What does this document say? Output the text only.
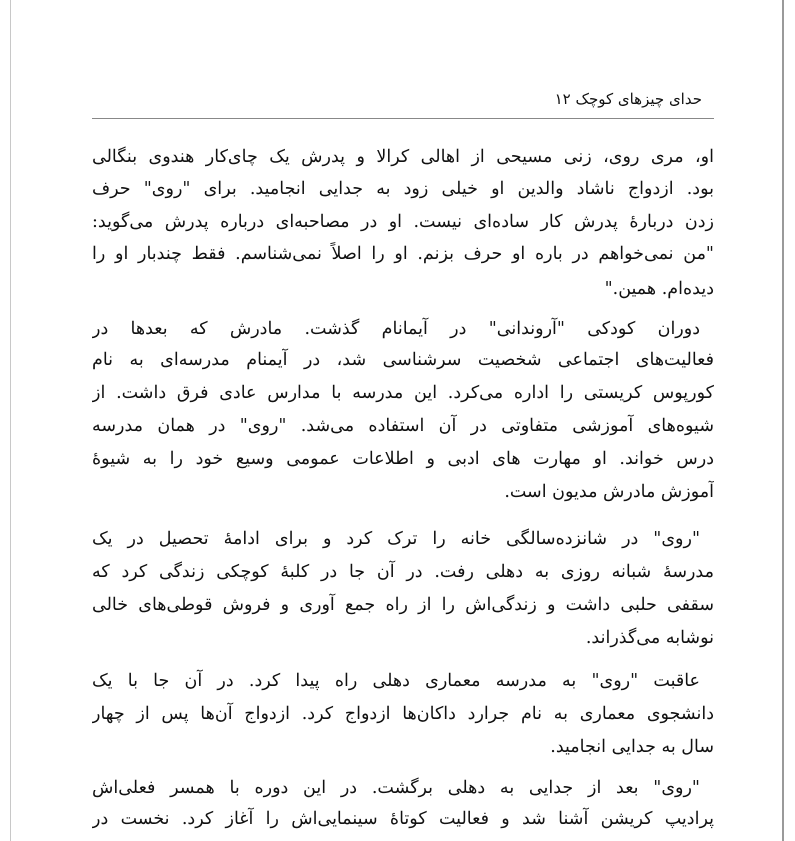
حدای چیزهای کوچک ۱۲
او، مری روی، زنی مسیحی از اهالی کرالا و پدرش یک چای‌کار هندوی بنگالی
بود. ازدواج ناشاد والدین او خیلی زود به جدایی انجامید. برای "روی" حرف
زدن دربارهٔ پدرش کار ساده‌ای نیست. او در مصاحبه‌ای درباره پدرش می‌گوید:
"من نمی‌خواهم در باره او حرف بزنم. او را اصلاً نمی‌شناسم. فقط چندبار او را
دیده‌ام. همین."
دوران کودکی "آروندانی" در آیمانام گذشت. مادرش که بعدها در
فعالیت‌های اجتماعی شخصیت سرشناسی شد، در آیمنام مدرسه‌ای به نام
کورپوس کریستی را اداره می‌کرد. این مدرسه با مدارس عادی فرق داشت. از
شیوه‌های آموزشی متفاوتی در آن استفاده می‌شد. "روی" در همان مدرسه
درس خواند. او مهارت های ادبی و اطلاعات عمومی وسیع خود را به شیوهٔ
آموزش مادرش مدیون است.
"روی" در شانزده‌سالگی خانه را ترک کرد و برای ادامهٔ تحصیل در یک
مدرسهٔ شبانه روزی به دهلی رفت. در آن جا در کلبهٔ کوچکی زندگی کرد که
سقفی حلبی داشت و زندگی‌اش را از راه جمع آوری و فروش قوطی‌های خالی
نوشابه می‌گذراند.
عاقبت "روی" به مدرسه معماری دهلی راه پیدا کرد. در آن جا با یک
دانشجوی معماری به نام جرارد داکان‌ها ازدواج کرد. ازدواج آن‌ها پس از چهار
سال به جدایی انجامید.
"روی" بعد از جدایی به دهلی برگشت. در این دوره با همسر فعلی‌اش
پرادیپ کریشن آشنا شد و فعالیت کوتاهٔ سینمایی‌اش را آغاز کرد. نخست در
